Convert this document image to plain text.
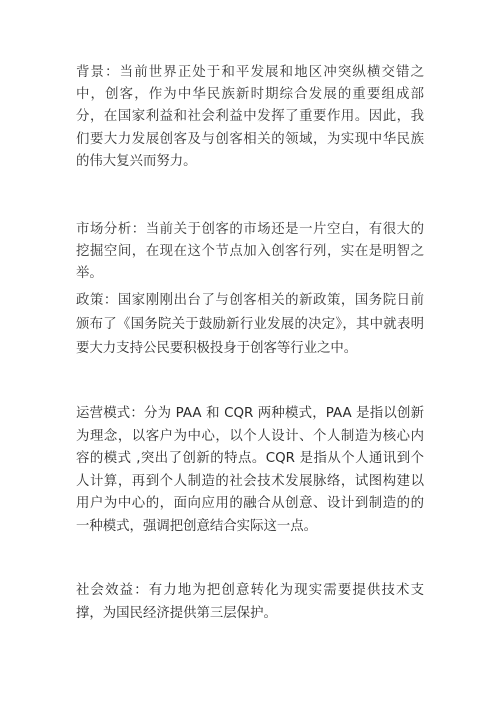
背景：当前世界正处于和平发展和地区冲突纵横交错之中，创客，作为中华民族新时期综合发展的重要组成部分，在国家利益和社会利益中发挥了重要作用。因此，我们要大力发展创客及与创客相关的领域，为实现中华民族的伟大复兴而努力。

市场分析：当前关于创客的市场还是一片空白，有很大的挖掘空间，在现在这个节点加入创客行列，实在是明智之举。

政策：国家刚刚出台了与创客相关的新政策，国务院日前颁布了《国务院关于鼓励新行业发展的决定》，其中就表明要大力支持公民要积极投身于创客等行业之中。

运营模式：分为 PAA 和 CQR 两种模式，PAA 是指以创新为理念，以客户为中心，以个人设计、个人制造为核心内容的模式 ,突出了创新的特点。CQR 是指从个人通讯到个人计算，再到个人制造的社会技术发展脉络，试图构建以用户为中心的，面向应用的融合从创意、设计到制造的的一种模式，强调把创意结合实际这一点。

社会效益：有力地为把创意转化为现实需要提供技术支撑，为国民经济提供第三层保护。
